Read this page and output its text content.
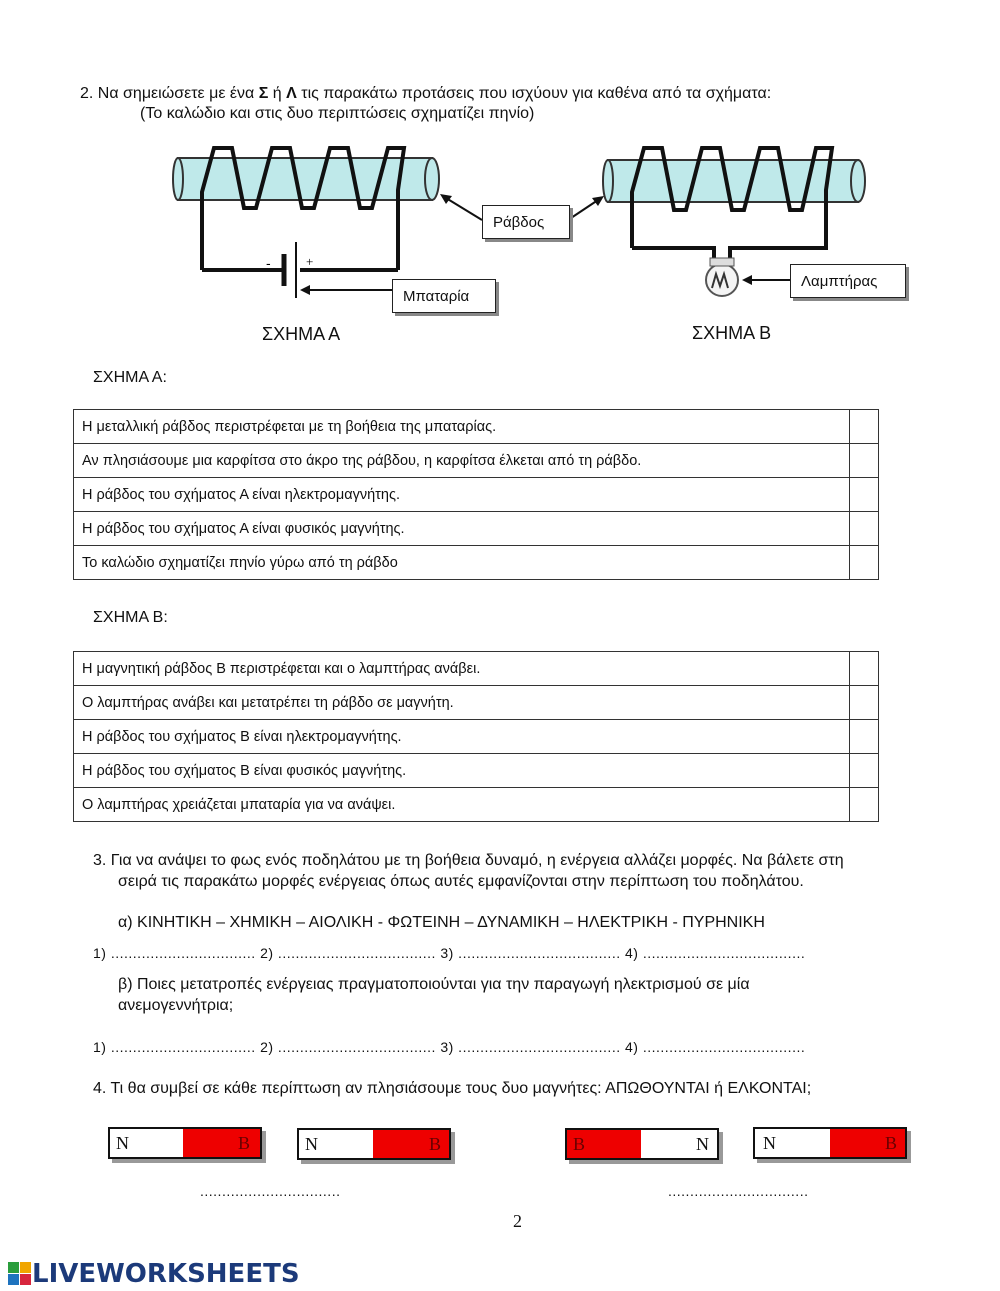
2. Να σημειώσετε με ένα Σ ή Λ τις παρακάτω προτάσεις που ισχύουν για καθένα από τα σχήματα:
(Το καλώδιο και στις δυο περιπτώσεις σχηματίζει πηνίο)
-	+
Ράβδος
Μπαταρία
Λαμπτήρας
ΣΧΗΜΑ Α	ΣΧΗΜΑ Β
ΣΧΗΜΑ Α:
Η μεταλλική ράβδος περιστρέφεται με τη βοήθεια της μπαταρίας.	
Αν πλησιάσουμε μια καρφίτσα στο άκρο της ράβδου, η καρφίτσα έλκεται από τη ράβδο.	
Η ράβδος του σχήματος Α είναι ηλεκτρομαγνήτης.	
Η ράβδος του σχήματος Α είναι φυσικός μαγνήτης.	
Το καλώδιο σχηματίζει πηνίο γύρω από τη ράβδο	
ΣΧΗΜΑ Β:
Η μαγνητική ράβδος Β περιστρέφεται και ο λαμπτήρας ανάβει.	
Ο λαμπτήρας ανάβει και μετατρέπει τη ράβδο σε μαγνήτη.	
Η ράβδος του σχήματος Β είναι ηλεκτρομαγνήτης.	
Η ράβδος του σχήματος Β είναι φυσικός μαγνήτης.	
Ο λαμπτήρας χρειάζεται μπαταρία για να ανάψει.	
3. Για να ανάψει το φως ενός ποδηλάτου με τη βοήθεια δυναμό, η ενέργεια αλλάζει μορφές. Να βάλετε στη
σειρά τις παρακάτω μορφές ενέργειας όπως αυτές εμφανίζονται στην περίπτωση του ποδηλάτου.
α) ΚΙΝΗΤΙΚΗ – ΧΗΜΙΚΗ – ΑΙΟΛΙΚΗ - ΦΩΤΕΙΝΗ – ΔΥΝΑΜΙΚΗ – ΗΛΕΚΤΡΙΚΗ - ΠΥΡΗΝΙΚΗ
1) ................................. 2) .................................... 3) ..................................... 4) .....................................
β) Ποιες μετατροπές ενέργειας πραγματοποιούνται για την παραγωγή ηλεκτρισμού σε μία
ανεμογεννήτρια;
1) ................................. 2) .................................... 3) ..................................... 4) .....................................
4. Τι θα συμβεί σε κάθε περίπτωση αν πλησιάσουμε τους δυο μαγνήτες: ΑΠΩΘΟΥΝΤΑΙ ή ΕΛΚΟΝΤΑΙ;
N	B	N	B	B	N	N	B
................................	................................
2
LIVEWORKSHEETS
